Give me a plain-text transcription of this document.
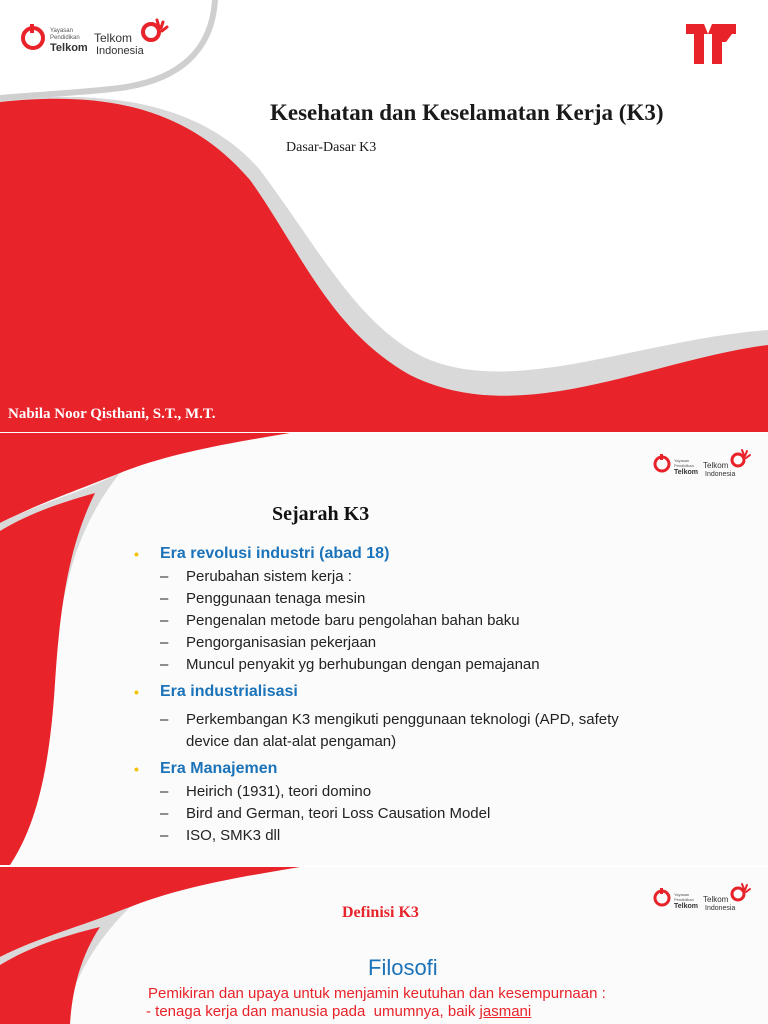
Yayasan
Pendidikan
Telkom
Telkom
Indonesia
Kesehatan dan Keselamatan Kerja (K3)
Dasar-Dasar K3
Nabila Noor Qisthani, S.T., M.T.
Yayasan
Pendidikan
Telkom
Telkom
Indonesia
Sejarah K3
• Era revolusi industri (abad 18)
– Perubahan sistem kerja :
– Penggunaan tenaga mesin
– Pengenalan metode baru pengolahan bahan baku
– Pengorganisasian pekerjaan
– Muncul penyakit yg berhubungan dengan pemajanan
• Era industrialisasi
– Perkembangan K3 mengikuti penggunaan teknologi (APD, safety device dan alat-alat pengaman)
• Era Manajemen
– Heirich (1931), teori domino
– Bird and German, teori Loss Causation Model
– ISO, SMK3 dll
Yayasan
Pendidikan
Telkom
Telkom
Indonesia
Definisi K3
Filosofi
Pemikiran dan upaya untuk menjamin keutuhan dan kesempurnaan :
- tenaga kerja dan manusia pada  umumnya, baik jasmani
